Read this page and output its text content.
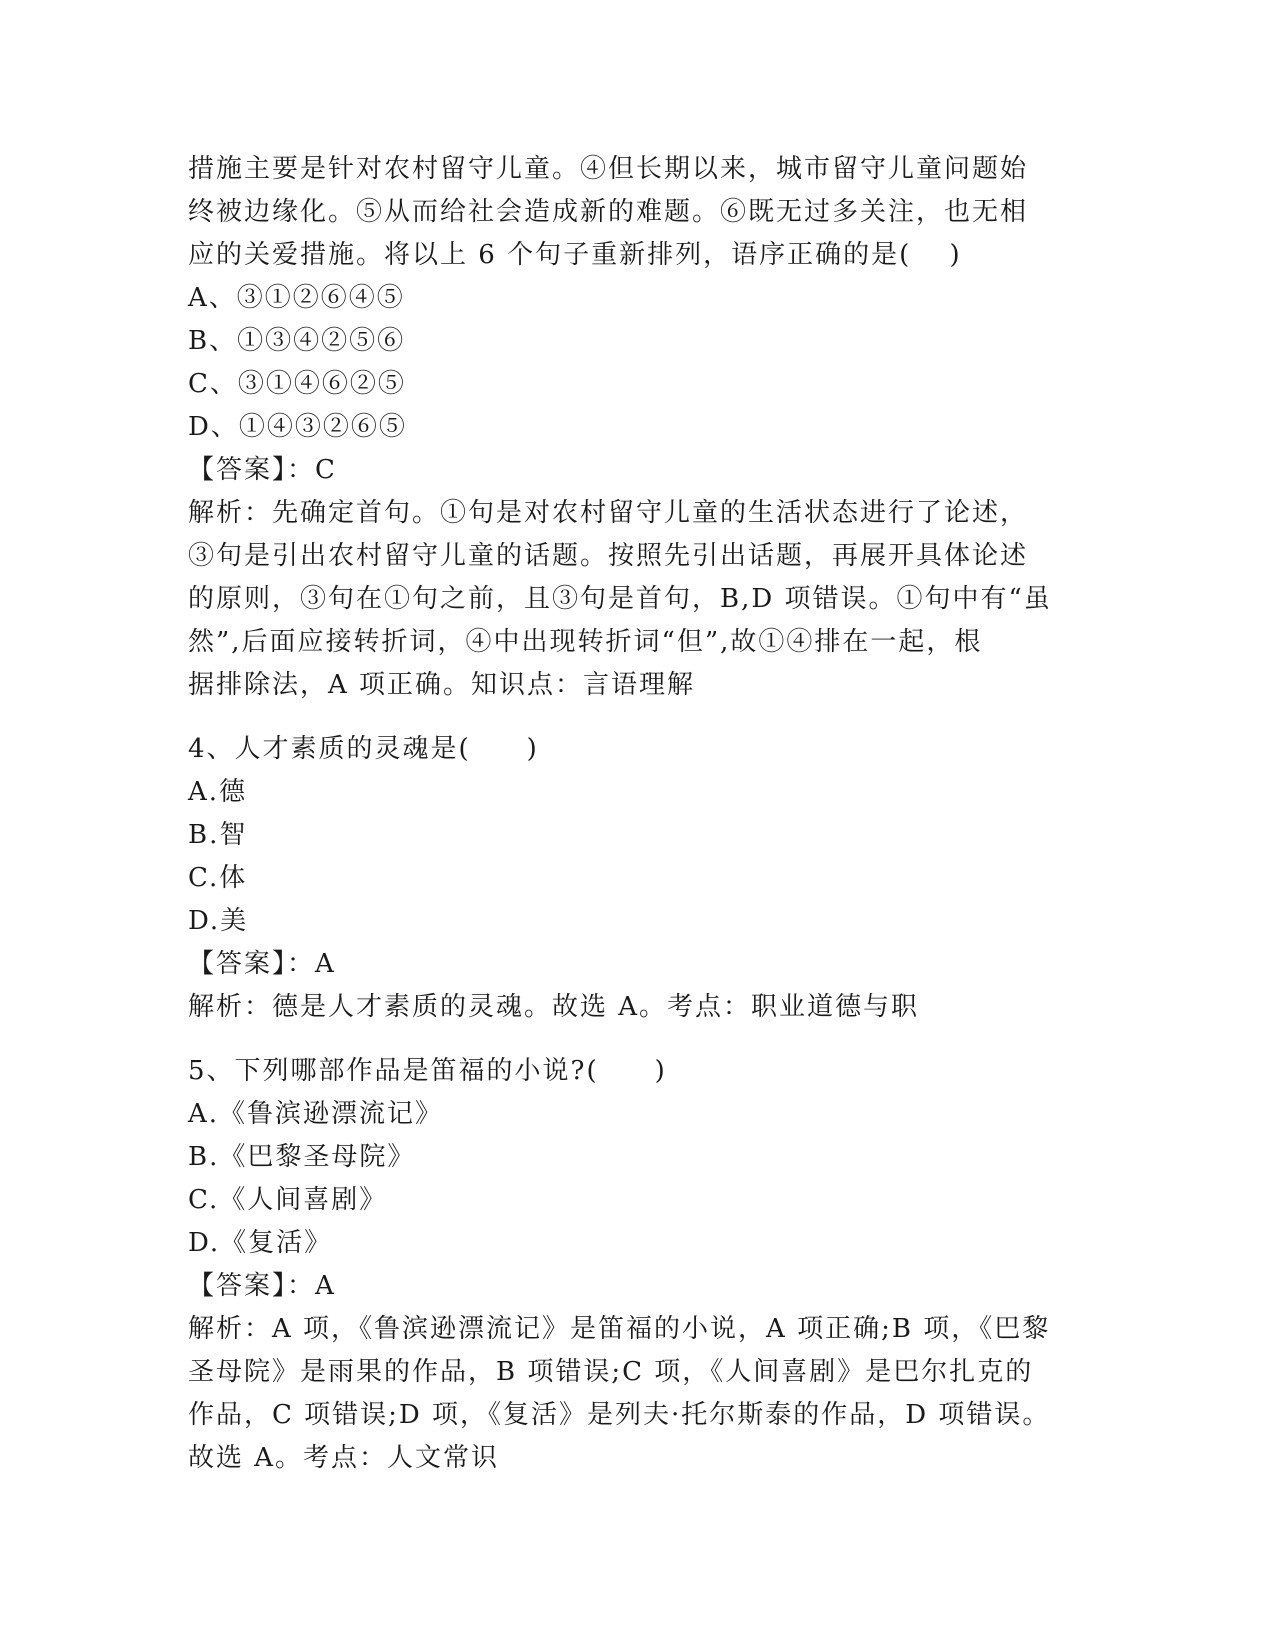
措施主要是针对农村留守儿童。④但长期以来，城市留守儿童问题始
终被边缘化。⑤从而给社会造成新的难题。⑥既无过多关注，也无相
应的关爱措施。将以上 6 个句子重新排列，语序正确的是(　 )
A、③①②⑥④⑤
B、①③④②⑤⑥
C、③①④⑥②⑤
D、①④③②⑥⑤
【答案】：C
解析：先确定首句。①句是对农村留守儿童的生活状态进行了论述，
③句是引出农村留守儿童的话题。按照先引出话题，再展开具体论述
的原则，③句在①句之前，且③句是首句，B,D 项错误。①句中有“虽
然”,后面应接转折词，④中出现转折词“但”,故①④排在一起，根
据排除法，A 项正确。知识点：言语理解
4、人才素质的灵魂是(　　)
A.德
B.智
C.体
D.美
【答案】：A
解析：德是人才素质的灵魂。故选 A。考点：职业道德与职
5、下列哪部作品是笛福的小说?(　　)
A.《鲁滨逊漂流记》
B.《巴黎圣母院》
C.《人间喜剧》
D.《复活》
【答案】：A
解析：A 项，《鲁滨逊漂流记》是笛福的小说，A 项正确;B 项，《巴黎
圣母院》是雨果的作品，B 项错误;C 项，《人间喜剧》是巴尔扎克的
作品，C 项错误;D 项，《复活》是列夫·托尔斯泰的作品，D 项错误。
故选 A。考点：人文常识
